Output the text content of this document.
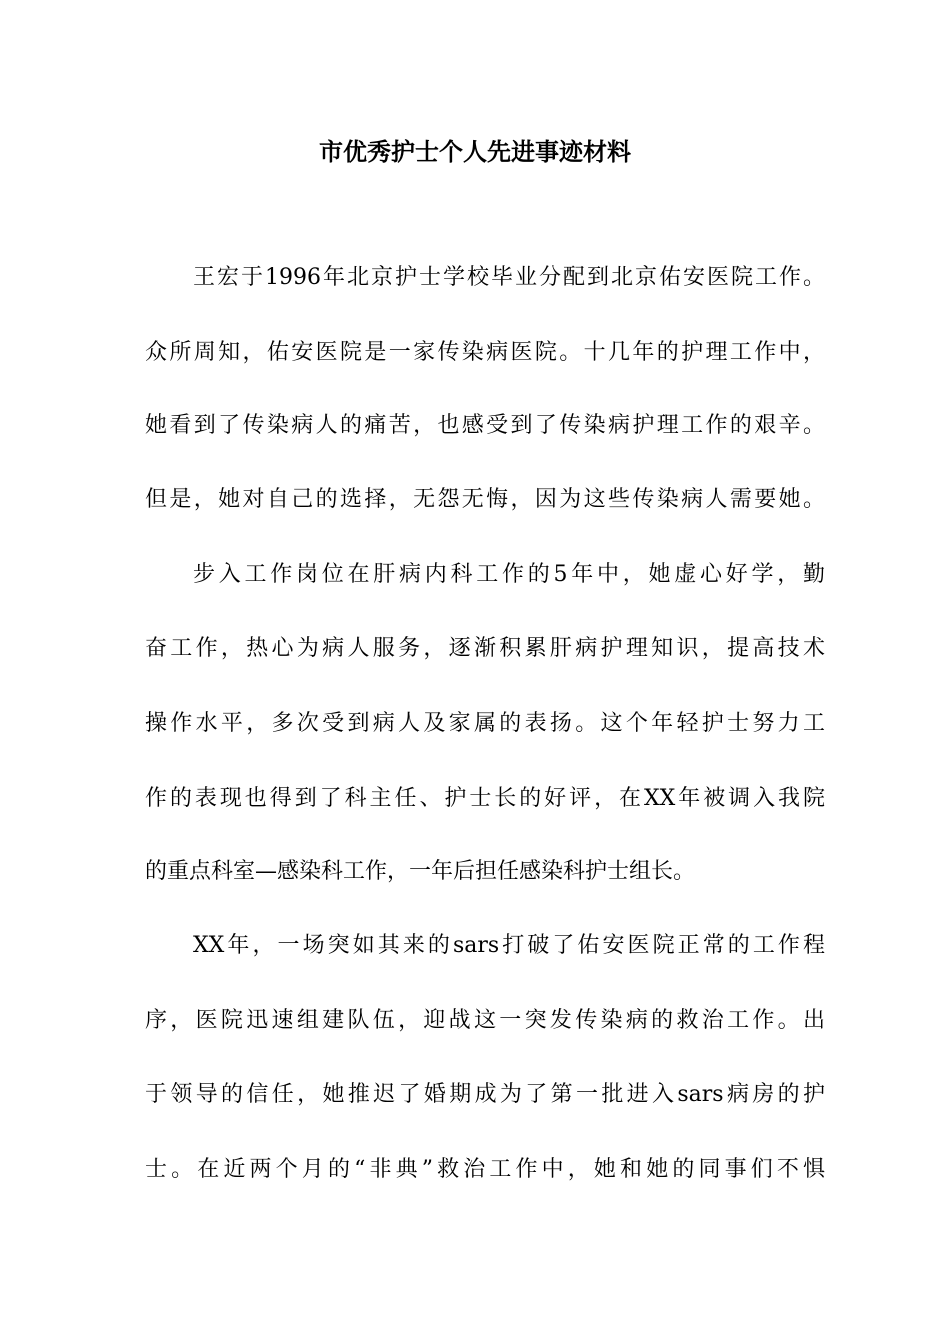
市优秀护士个人先进事迹材料
王宏于1996年北京护士学校毕业分配到北京佑安医院工作。
众所周知，佑安医院是一家传染病医院。十几年的护理工作中，
她看到了传染病人的痛苦，也感受到了传染病护理工作的艰辛。
但是，她对自己的选择，无怨无悔，因为这些传染病人需要她。
步入工作岗位在肝病内科工作的5年中，她虚心好学，勤
奋工作，热心为病人服务，逐渐积累肝病护理知识，提高技术
操作水平，多次受到病人及家属的表扬。这个年轻护士努力工
作的表现也得到了科主任、护士长的好评，在XX年被调入我院
的重点科室—感染科工作，一年后担任感染科护士组长。
XX年，一场突如其来的sars打破了佑安医院正常的工作程
序，医院迅速组建队伍，迎战这一突发传染病的救治工作。出
于领导的信任，她推迟了婚期成为了第一批进入sars病房的护
士。在近两个月的“非典”救治工作中，她和她的同事们不惧
